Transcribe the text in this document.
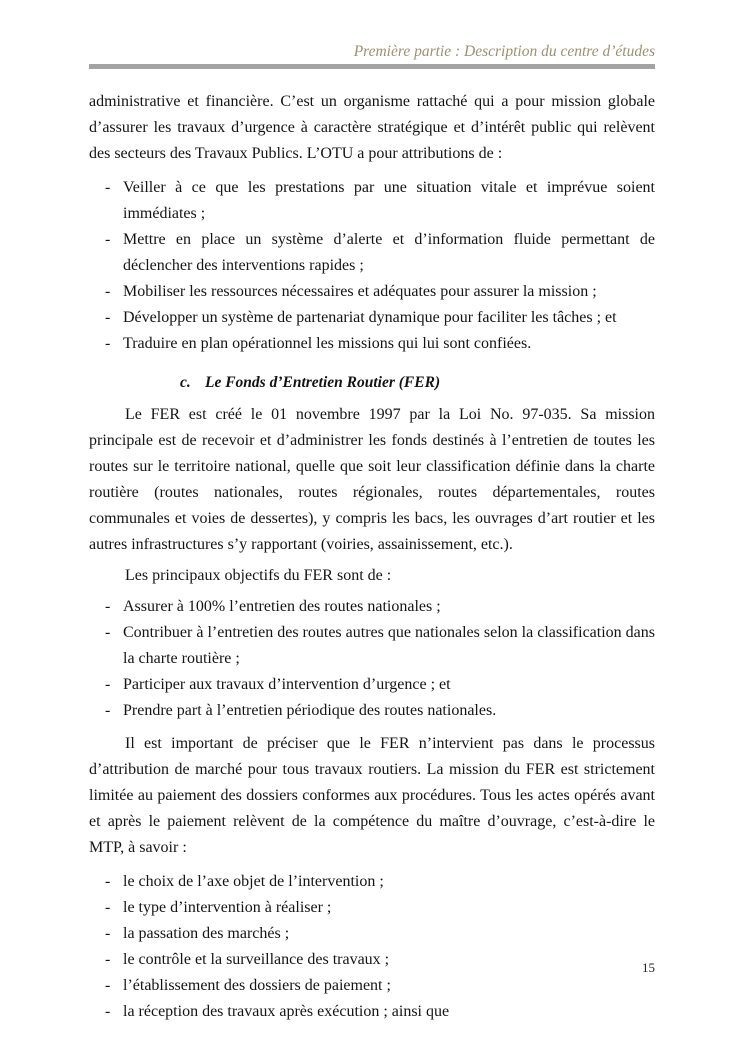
Première partie : Description du centre d’études

administrative et financière. C’est un organisme rattaché qui a pour mission globale d’assurer les travaux d’urgence à caractère stratégique et d’intérêt public qui relèvent des secteurs des Travaux Publics. L’OTU a pour attributions de :

- Veiller à ce que les prestations par une situation vitale et imprévue soient immédiates ;
- Mettre en place un système d’alerte et d’information fluide permettant de déclencher des interventions rapides ;
- Mobiliser les ressources nécessaires et adéquates pour assurer la mission ;
- Développer un système de partenariat dynamique pour faciliter les tâches ; et
- Traduire en plan opérationnel les missions qui lui sont confiées.
c. Le Fonds d’Entretien Routier (FER)

Le FER est créé le 01 novembre 1997 par la Loi No. 97-035. Sa mission principale est de recevoir et d’administrer les fonds destinés à l’entretien de toutes les routes sur le territoire national, quelle que soit leur classification définie dans la charte routière (routes nationales, routes régionales, routes départementales, routes communales et voies de dessertes), y compris les bacs, les ouvrages d’art routier et les autres infrastructures s’y rapportant (voiries, assainissement, etc.).

Les principaux objectifs du FER sont de :

- Assurer à 100% l’entretien des routes nationales ;
- Contribuer à l’entretien des routes autres que nationales selon la classification dans la charte routière ;
- Participer aux travaux d’intervention d’urgence ; et
- Prendre part à l’entretien périodique des routes nationales.

Il est important de préciser que le FER n’intervient pas dans le processus d’attribution de marché pour tous travaux routiers. La mission du FER est strictement limitée au paiement des dossiers conformes aux procédures. Tous les actes opérés avant et après le paiement relèvent de la compétence du maître d’ouvrage, c’est-à-dire le MTP, à savoir :

- le choix de l’axe objet de l’intervention ;
- le type d’intervention à réaliser ;
- la passation des marchés ;
- le contrôle et la surveillance des travaux ;
- l’établissement des dossiers de paiement ;
- la réception des travaux après exécution ; ainsi que
15
